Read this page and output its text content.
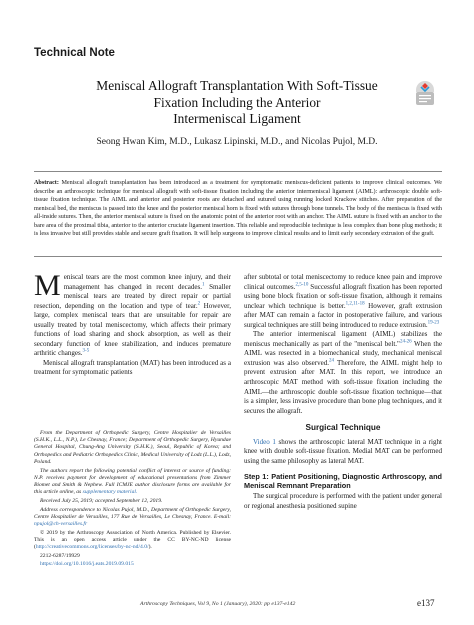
Technical Note
Meniscal Allograft Transplantation With Soft-Tissue
Fixation Including the Anterior
Intermeniscal Ligament
Seong Hwan Kim, M.D., Lukasz Lipinski, M.D., and Nicolas Pujol, M.D.
Abstract: Meniscal allograft transplantation has been introduced as a treatment for symptomatic meniscus-deficient patients to improve clinical outcomes. We describe an arthroscopic technique for meniscal allograft with soft-tissue fixation including the anterior intermeniscal ligament (AIML): arthroscopic double soft-tissue fixation technique. The AIML and anterior and posterior roots are detached and sutured using running locked Krackow stitches. After preparation of the meniscal bed, the meniscus is passed into the knee and the posterior meniscal horn is fixed with sutures through bone tunnels. The body of the meniscus is fixed with all-inside sutures. Then, the anterior meniscal suture is fixed on the anatomic point of the anterior root with an anchor. The AIML suture is fixed with an anchor to the bare area of the proximal tibia, anterior to the anterior cruciate ligament insertion. This reliable and reproducible technique is less complex than bone plug methods; it is less invasive but still provides stable and secure graft fixation. It will help surgeons to improve clinical results and to limit early secondary extrusion of the graft.

Meniscal tears are the most common knee injury, and their management has changed in recent decades.$^1$ Smaller meniscal tears are treated by direct repair or partial resection, depending on the location and type of tear.$^2$ However, large, complex meniscal tears that are unsuitable for repair are usually treated by total meniscectomy, which affects their primary functions of load sharing and shock absorption, as well as their secondary function of knee stabilization, and induces premature arthritic changes.$^{3-5}$

Meniscal allograft transplantation (MAT) has been introduced as a treatment for symptomatic patients

From the Department of Orthopedic Surgery, Centre Hospitalier de Versailles (S.H.K., L.L., N.P.), Le Chesnay, France; Department of Orthopedic Surgery, Hyundae General Hospital, Chung-Ang University (S.H.K.), Seoul, Republic of Korea; and Orthopedics and Pediatric Orthopedics Clinic, Medical University of Lodz (L.L.), Lodz, Poland.

The authors report the following potential conflict of interest or source of funding: N.P. receives payment for development of educational presentations from Zimmer Biomet and Smith & Nephew. Full ICMJE author disclosure forms are available for this article online, as supplementary material.

Received July 25, 2019; accepted September 12, 2019.

Address correspondence to Nicolas Pujol, M.D., Department of Orthopedic Surgery, Centre Hospitalier de Versailles, 177 Rue de Versailles, Le Chesnay, France. E-mail: npujol@ch-versailles.fr

© 2019 by the Arthroscopy Association of North America. Published by Elsevier. This is an open access article under the CC BY-NC-ND license (http://creativecommons.org/licenses/by-nc-nd/4.0/).

2212-6287/19929

https://doi.org/10.1016/j.eats.2019.09.015

after subtotal or total meniscectomy to reduce knee pain and improve clinical outcomes.$^{2,5-10}$ Successful allograft fixation has been reported using bone block fixation or soft-tissue fixation, although it remains unclear which technique is better.$^{1,2,11-18}$ However, graft extrusion after MAT can remain a factor in postoperative failure, and various surgical techniques are still being introduced to reduce extrusion.$^{19-23}$

The anterior intermeniscal ligament (AIML) stabilizes the meniscus mechanically as part of the "meniscal belt."$^{24-26}$ When the AIML was resected in a biomechanical study, mechanical meniscal extrusion was also observed.$^{24}$ Therefore, the AIML might help to prevent extrusion after MAT. In this report, we introduce an arthroscopic MAT method with soft-tissue fixation including the AIML—the arthroscopic double soft-tissue fixation technique—that is a simpler, less invasive procedure than bone plug techniques, and it secures the allograft.

Surgical Technique

Video 1 shows the arthroscopic lateral MAT technique in a right knee with double soft-tissue fixation. Medial MAT can be performed using the same philosophy as lateral MAT.

Step 1: Patient Positioning, Diagnostic Arthroscopy, and Meniscal Remnant Preparation

The surgical procedure is performed with the patient under general or regional anesthesia positioned supine

Arthroscopy Techniques, Vol 9, No 1 (January), 2020: pp e137-e142	e137
